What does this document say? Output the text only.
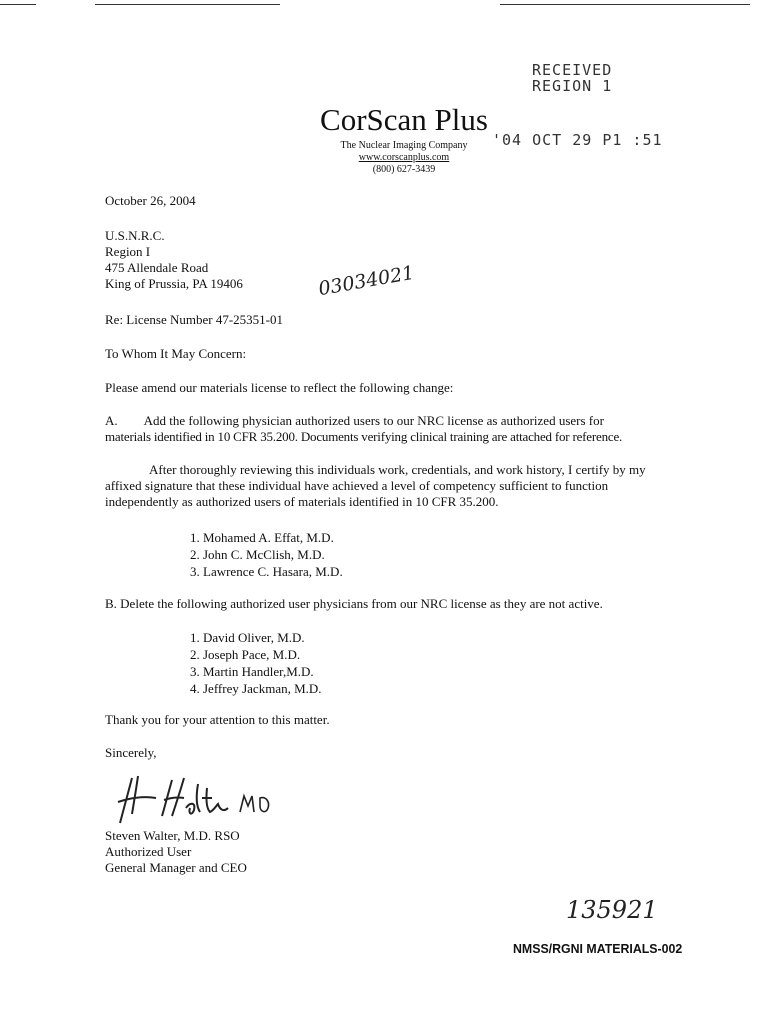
RECEIVED
REGION 1
'04 OCT 29 P1 :51
CorScan Plus
The Nuclear Imaging Company
www.corscanplus.com
(800) 627-3439
October 26, 2004
U.S.N.R.C.
Region I
475 Allendale Road
King of Prussia, PA 19406	03034021
Re: License Number 47-25351-01
To Whom It May Concern:
Please amend our materials license to reflect the following change:
A. Add the following physician authorized users to our NRC license as authorized users for
materials identified in 10 CFR 35.200. Documents verifying clinical training are attached for reference.
After thoroughly reviewing this individuals work, credentials, and work history, I certify by my
affixed signature that these individual have achieved a level of competency sufficient to function
independently as authorized users of materials identified in 10 CFR 35.200.
1. Mohamed A. Effat, M.D.
2. John C. McClish, M.D.
3. Lawrence C. Hasara, M.D.
B. Delete the following authorized user physicians from our NRC license as they are not active.
1. David Oliver, M.D.
2. Joseph Pace, M.D.
3. Martin Handler,M.D.
4. Jeffrey Jackman, M.D.
Thank you for your attention to this matter.
Sincerely,
Steven Walter, M.D. RSO
Authorized User
General Manager and CEO
135921
NMSS/RGNI MATERIALS-002
